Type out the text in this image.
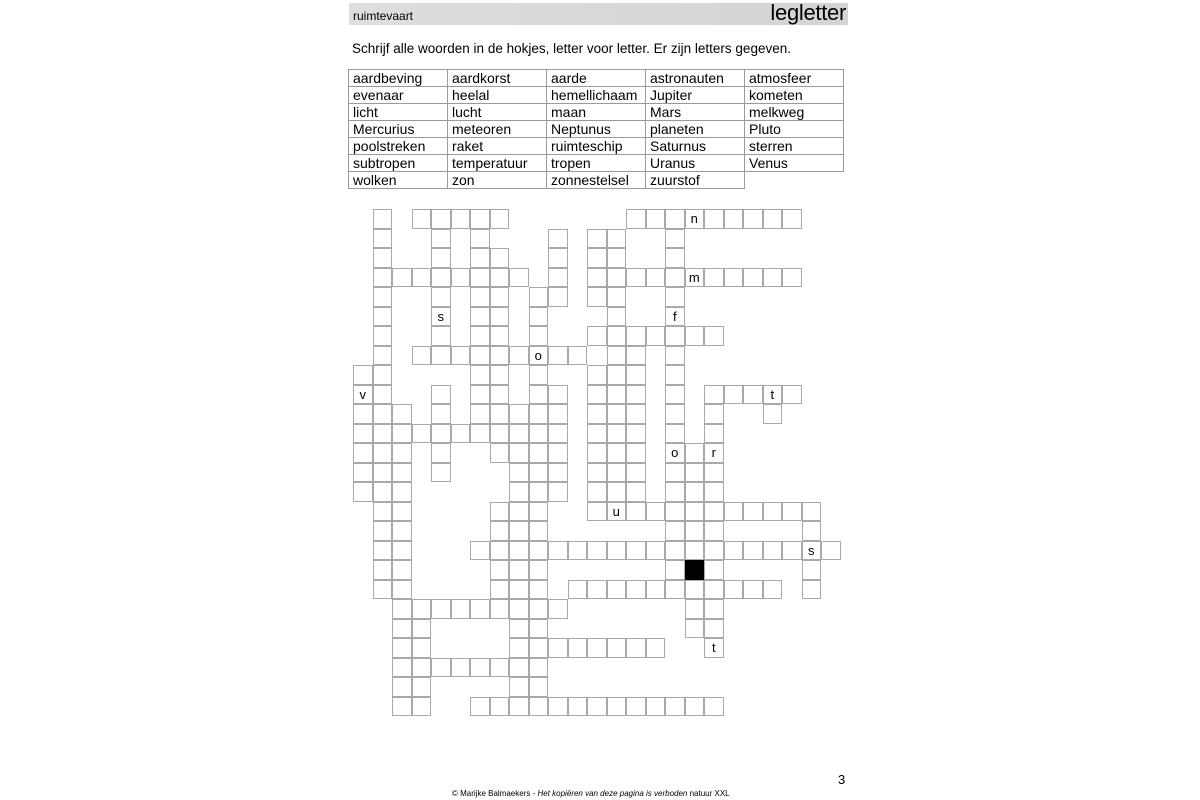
ruimtevaart	legletter
Schrijf alle woorden in de hokjes, letter voor letter. Er zijn letters gegeven.
aardbeving	aardkorst	aarde	astronauten	atmosfeer
evenaar	heelal	hemellichaam	Jupiter	kometen
licht	lucht	maan	Mars	melkweg
Mercurius	meteoren	Neptunus	planeten	Pluto
poolstreken	raket	ruimteschip	Saturnus	sterren
subtropen	temperatuur	tropen	Uranus	Venus
wolken	zon	zonnestelsel	zuurstof	
n
m
o
t
u
s
s	f
o	r
t
v
3
© Marijke Balmaekers - Het kopiëren van deze pagina is verboden natuur XXL
